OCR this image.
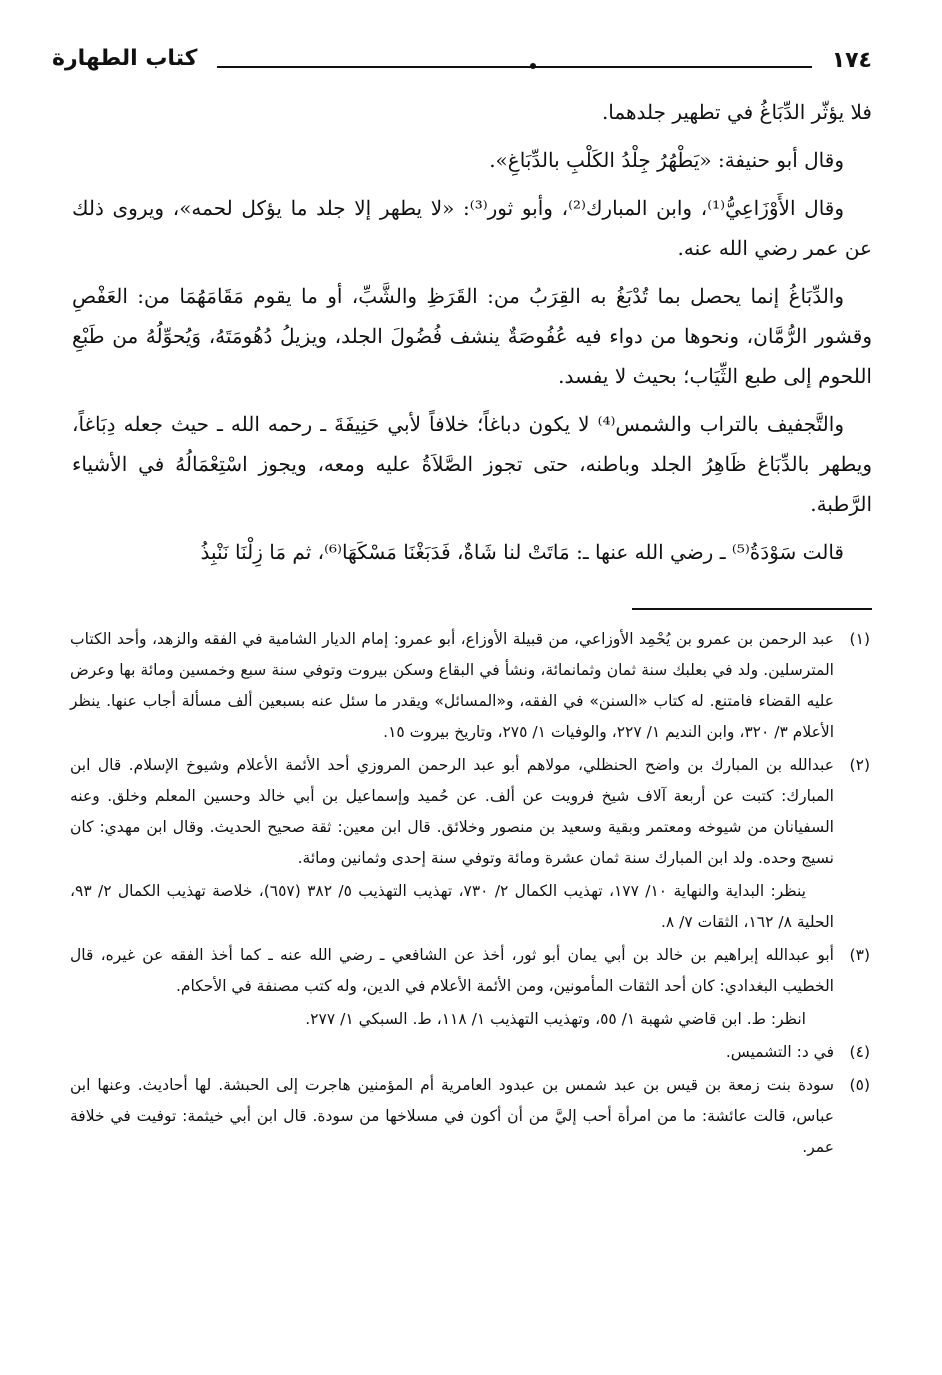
١٧٤
كتاب الطهارة

فلا يؤثّر الدِّبَاغُ في تطهير جلدهما.

وقال أبو حنيفة: «يَطْهُرُ جِلْدُ الكَلْبِ بالدِّبَاغِ».

وقال الأَوْزَاعِيُّ⁽¹⁾، وابن المبارك⁽²⁾، وأبو ثور⁽³⁾: «لا يطهر إلا جلد ما يؤكل لحمه»، ويروى ذلك عن عمر رضي الله عنه.

والدِّبَاغُ إنما يحصل بما تُدْبَغُ به القِرَبُ من: القَرَظِ والشَّبِّ، أو ما يقوم مَقَامَهُمَا من: العَفْصِ وقشور الرُّمَّان، ونحوها من دواء فيه عُفُوصَةٌ ينشف فُضُولَ الجلد، ويزيلُ دُهُومَتَهُ، وَيُحوِّلُهُ من طَبْعِ اللحوم إلى طبع الثِّيَاب؛ بحيث لا يفسد.

والتَّجفيف بالتراب والشمس⁽⁴⁾ لا يكون دباغاً؛ خلافاً لأبي حَنِيفَةَ ـ رحمه الله ـ حيث جعله دِبَاغاً، ويطهر بالدِّبَاغ ظَاهِرُ الجلد وباطنه، حتى تجوز الصَّلاَةُ عليه ومعه، ويجوز اسْتِعْمَالُهُ في الأشياء الرَّطبة.

قالت سَوْدَةُ⁽⁵⁾ ـ رضي الله عنها ـ: مَاتَتْ لنا شَاةٌ، فَدَبَغْنَا مَسْكَهَا⁽⁶⁾، ثم مَا زِلْنَا نَنْبِذُ

(١)
عبد الرحمن بن عمرو بن يُحْمِد الأوزاعي، من قبيلة الأوزاع، أبو عمرو: إمام الديار الشامية في الفقه والزهد، وأحد الكتاب المترسلين. ولد في بعلبك سنة ثمان وثمانمائة، ونشأ في البقاع وسكن بيروت وتوفي سنة سبع وخمسين ومائة بها وعرض عليه القضاء فامتنع. له كتاب «السنن» في الفقه، و«المسائل» ويقدر ما سئل عنه بسبعين ألف مسألة أجاب عنها. ينظر الأعلام ٣/ ٣٢٠، وابن النديم ١/ ٢٢٧، والوفيات ١/ ٢٧٥، وتاريخ بيروت ١٥.
(٢)
عبدالله بن المبارك بن واضح الحنظلي، مولاهم أبو عبد الرحمن المروزي أحد الأئمة الأعلام وشيوخ الإسلام. قال ابن المبارك: كتبت عن أربعة آلاف شيخ فرويت عن ألف. عن حُميد وإسماعيل بن أبي خالد وحسين المعلم وخلق. وعنه السفيانان من شيوخه ومعتمر وبقية وسعيد بن منصور وخلائق. قال ابن معين: ثقة صحيح الحديث. وقال ابن مهدي: كان نسيج وحده. ولد ابن المبارك سنة ثمان عشرة ومائة وتوفي سنة إحدى وثمانين ومائة.
ينظر: البداية والنهاية ١٠/ ١٧٧، تهذيب الكمال ٢/ ٧٣٠، تهذيب التهذيب ٥/ ٣٨٢ (٦٥٧)، خلاصة تهذيب الكمال ٢/ ٩٣، الحلية ٨/ ١٦٢، الثقات ٧/ ٨.
(٣)
أبو عبدالله إبراهيم بن خالد بن أبي يمان أبو ثور، أخذ عن الشافعي ـ رضي الله عنه ـ كما أخذ الفقه عن غيره، قال الخطيب البغدادي: كان أحد الثقات المأمونين، ومن الأئمة الأعلام في الدين، وله كتب مصنفة في الأحكام.
انظر: ط. ابن قاضي شهبة ١/ ٥٥، وتهذيب التهذيب ١/ ١١٨، ط. السبكي ١/ ٢٧٧.
(٤)
في د: التشميس.
(٥)
سودة بنت زمعة بن قيس بن عبد شمس بن عبدود العامرية أم المؤمنين هاجرت إلى الحبشة. لها أحاديث. وعنها ابن عباس، قالت عائشة: ما من امرأة أحب إليَّ من أن أكون في مسلاخها من سودة. قال ابن أبي خيثمة: توفيت في خلافة عمر.
